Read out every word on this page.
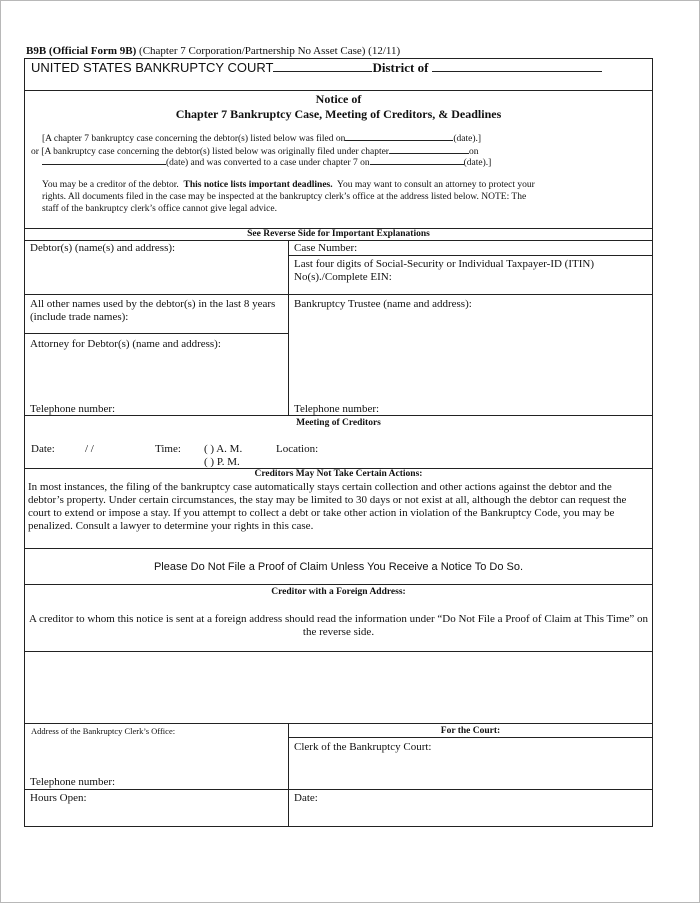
B9B (Official Form 9B) (Chapter 7 Corporation/Partnership No Asset Case) (12/11)
UNITED STATES BANKRUPTCY COURT	District of
Notice of
Chapter 7 Bankruptcy Case, Meeting of Creditors, & Deadlines
[A chapter 7 bankruptcy case concerning the debtor(s) listed below was filed on	(date).]
or [A bankruptcy case concerning the debtor(s) listed below was originally filed under chapter	on
(date) and was converted to a case under chapter 7 on	(date).]
You may be a creditor of the debtor. This notice lists important deadlines. You may want to consult an attorney to protect your
rights. All documents filed in the case may be inspected at the bankruptcy clerk’s office at the address listed below. NOTE: The
staff of the bankruptcy clerk’s office cannot give legal advice.
See Reverse Side for Important Explanations
Debtor(s) (name(s) and address):	Case Number:
Last four digits of Social-Security or Individual Taxpayer-ID (ITIN)
No(s)./Complete EIN:
All other names used by the debtor(s) in the last 8 years
(include trade names):
Bankruptcy Trustee (name and address):
Attorney for Debtor(s) (name and address):
Telephone number:	Telephone number:
Meeting of Creditors
Date:	/ /	Time: ( ) A. M.
( ) P. M.
Location:
Creditors May Not Take Certain Actions:
In most instances, the filing of the bankruptcy case automatically stays certain collection and other actions against the debtor and the
debtor’s property. Under certain circumstances, the stay may be limited to 30 days or not exist at all, although the debtor can request the
court to extend or impose a stay. If you attempt to collect a debt or take other action in violation of the Bankruptcy Code, you may be
penalized. Consult a lawyer to determine your rights in this case.
Please Do Not File a Proof of Claim Unless You Receive a Notice To Do So.
Creditor with a Foreign Address:
A creditor to whom this notice is sent at a foreign address should read the information under “Do Not File a Proof of Claim at This Time” on
the reverse side.
Address of the Bankruptcy Clerk’s Office:	For the Court:
Clerk of the Bankruptcy Court:
Telephone number:
Hours Open:	Date:
